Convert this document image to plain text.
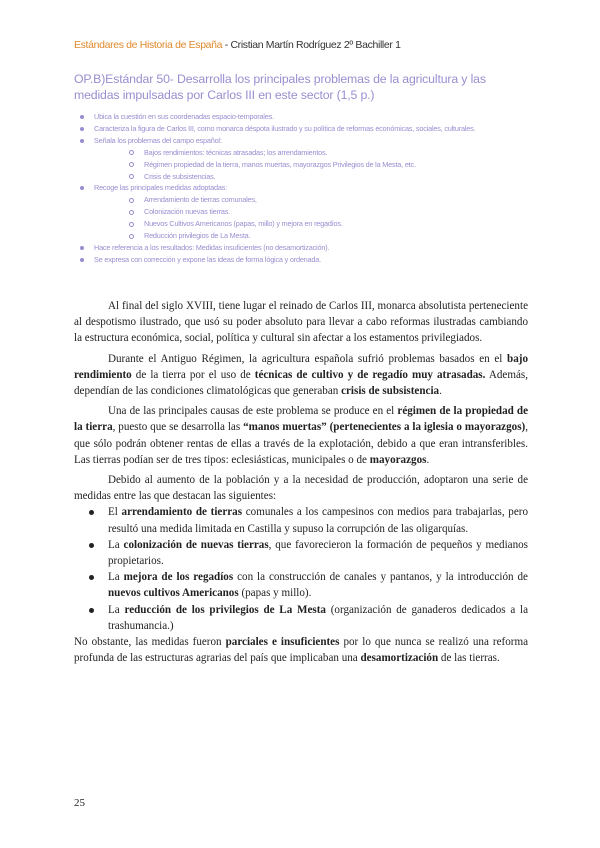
Estándares de Historia de España - Cristian Martín Rodríguez 2º Bachiller 1
OP.B)Estándar 50- Desarrolla los principales problemas de la agricultura y las medidas impulsadas por Carlos III en este sector (1,5 p.)
Ubica la cuestión en sus coordenadas espacio-temporales.
Caracteriza la figura de Carlos III, como monarca déspota ilustrado y su política de reformas económicas, sociales, culturales.
Señala los problemas del campo español:
Bajos rendimientos: técnicas atrasadas; los arrendamientos.
Régimen propiedad de la tierra, manos muertas, mayorazgos Privilegios de la Mesta, etc.
Crisis de subsistencias.
Recoge las principales medidas adoptadas:
Arrendamiento de tierras comunales,
Colonización nuevas tierras.
Nuevos Cultivos Americanos (papas, millo) y mejora en regadíos.
Reducción privilegios de La Mesta.
Hace referencia a los resultados: Medidas insuficientes (no desamortización).
Se expresa con corrección y expone las ideas de forma lógica y ordenada.

Al final del siglo XVIII, tiene lugar el reinado de Carlos III, monarca absolutista perteneciente al despotismo ilustrado, que usó su poder absoluto para llevar a cabo reformas ilustradas cambiando la estructura económica, social, política y cultural sin afectar a los estamentos privilegiados.

Durante el Antiguo Régimen, la agricultura española sufrió problemas basados en el bajo rendimiento de la tierra por el uso de técnicas de cultivo y de regadío muy atrasadas. Además, dependían de las condiciones climatológicas que generaban crisis de subsistencia.

Una de las principales causas de este problema se produce en el régimen de la propiedad de la tierra, puesto que se desarrolla las “manos muertas” (pertenecientes a la iglesia o mayorazgos), que sólo podrán obtener rentas de ellas a través de la explotación, debido a que eran intransferibles. Las tierras podían ser de tres tipos: eclesiásticas, municipales o de mayorazgos.

Debido al aumento de la población y a la necesidad de producción, adoptaron una serie de medidas entre las que destacan las siguientes:

El arrendamiento de tierras comunales a los campesinos con medios para trabajarlas, pero resultó una medida limitada en Castilla y supuso la corrupción de las oligarquías.
La colonización de nuevas tierras, que favorecieron la formación de pequeños y medianos propietarios.
La mejora de los regadíos con la construcción de canales y pantanos, y la introducción de nuevos cultivos Americanos (papas y millo).
La reducción de los privilegios de La Mesta (organización de ganaderos dedicados a la trashumancia.)

No obstante, las medidas fueron parciales e insuficientes por lo que nunca se realizó una reforma profunda de las estructuras agrarias del país que implicaban una desamortización de las tierras.

25
